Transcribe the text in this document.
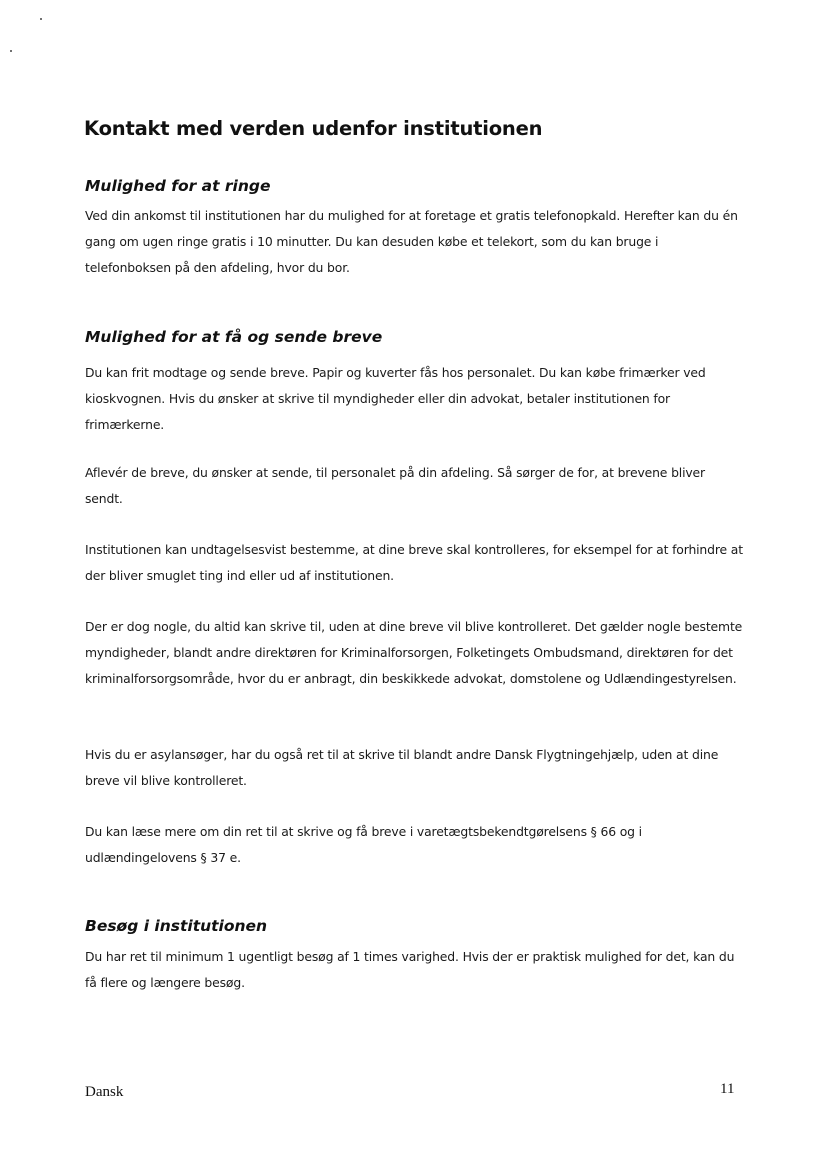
Kontakt med verden udenfor institutionen
Mulighed for at ringe

Ved din ankomst til institutionen har du mulighed for at foretage et gratis telefonopkald. Herefter kan du én gang om ugen ringe gratis i 10 minutter. Du kan desuden købe et telekort, som du kan bruge i telefonboksen på den afdeling, hvor du bor.

Mulighed for at få og sende breve

Du kan frit modtage og sende breve. Papir og kuverter fås hos personalet. Du kan købe frimærker ved kioskvognen. Hvis du ønsker at skrive til myndigheder eller din advokat, betaler institutionen for frimærkerne.

Aflevér de breve, du ønsker at sende, til personalet på din afdeling. Så sørger de for, at brevene bliver sendt.

Institutionen kan undtagelsesvist bestemme, at dine breve skal kontrolleres, for eksempel for at forhindre at der bliver smuglet ting ind eller ud af institutionen.

Der er dog nogle, du altid kan skrive til, uden at dine breve vil blive kontrolleret. Det gælder nogle bestemte myndigheder, blandt andre direktøren for Kriminalforsorgen, Folketingets Ombudsmand, direktøren for det kriminalforsorgsområde, hvor du er anbragt, din beskikkede advokat, domstolene og Udlændingestyrelsen.

Hvis du er asylansøger, har du også ret til at skrive til blandt andre Dansk Flygtningehjælp, uden at dine breve vil blive kontrolleret.

Du kan læse mere om din ret til at skrive og få breve i varetægtsbekendtgørelsens § 66 og i udlændingelovens § 37 e.

Besøg i institutionen

Du har ret til minimum 1 ugentligt besøg af 1 times varighed. Hvis der er praktisk mulighed for det, kan du få flere og længere besøg.

Dansk	11
